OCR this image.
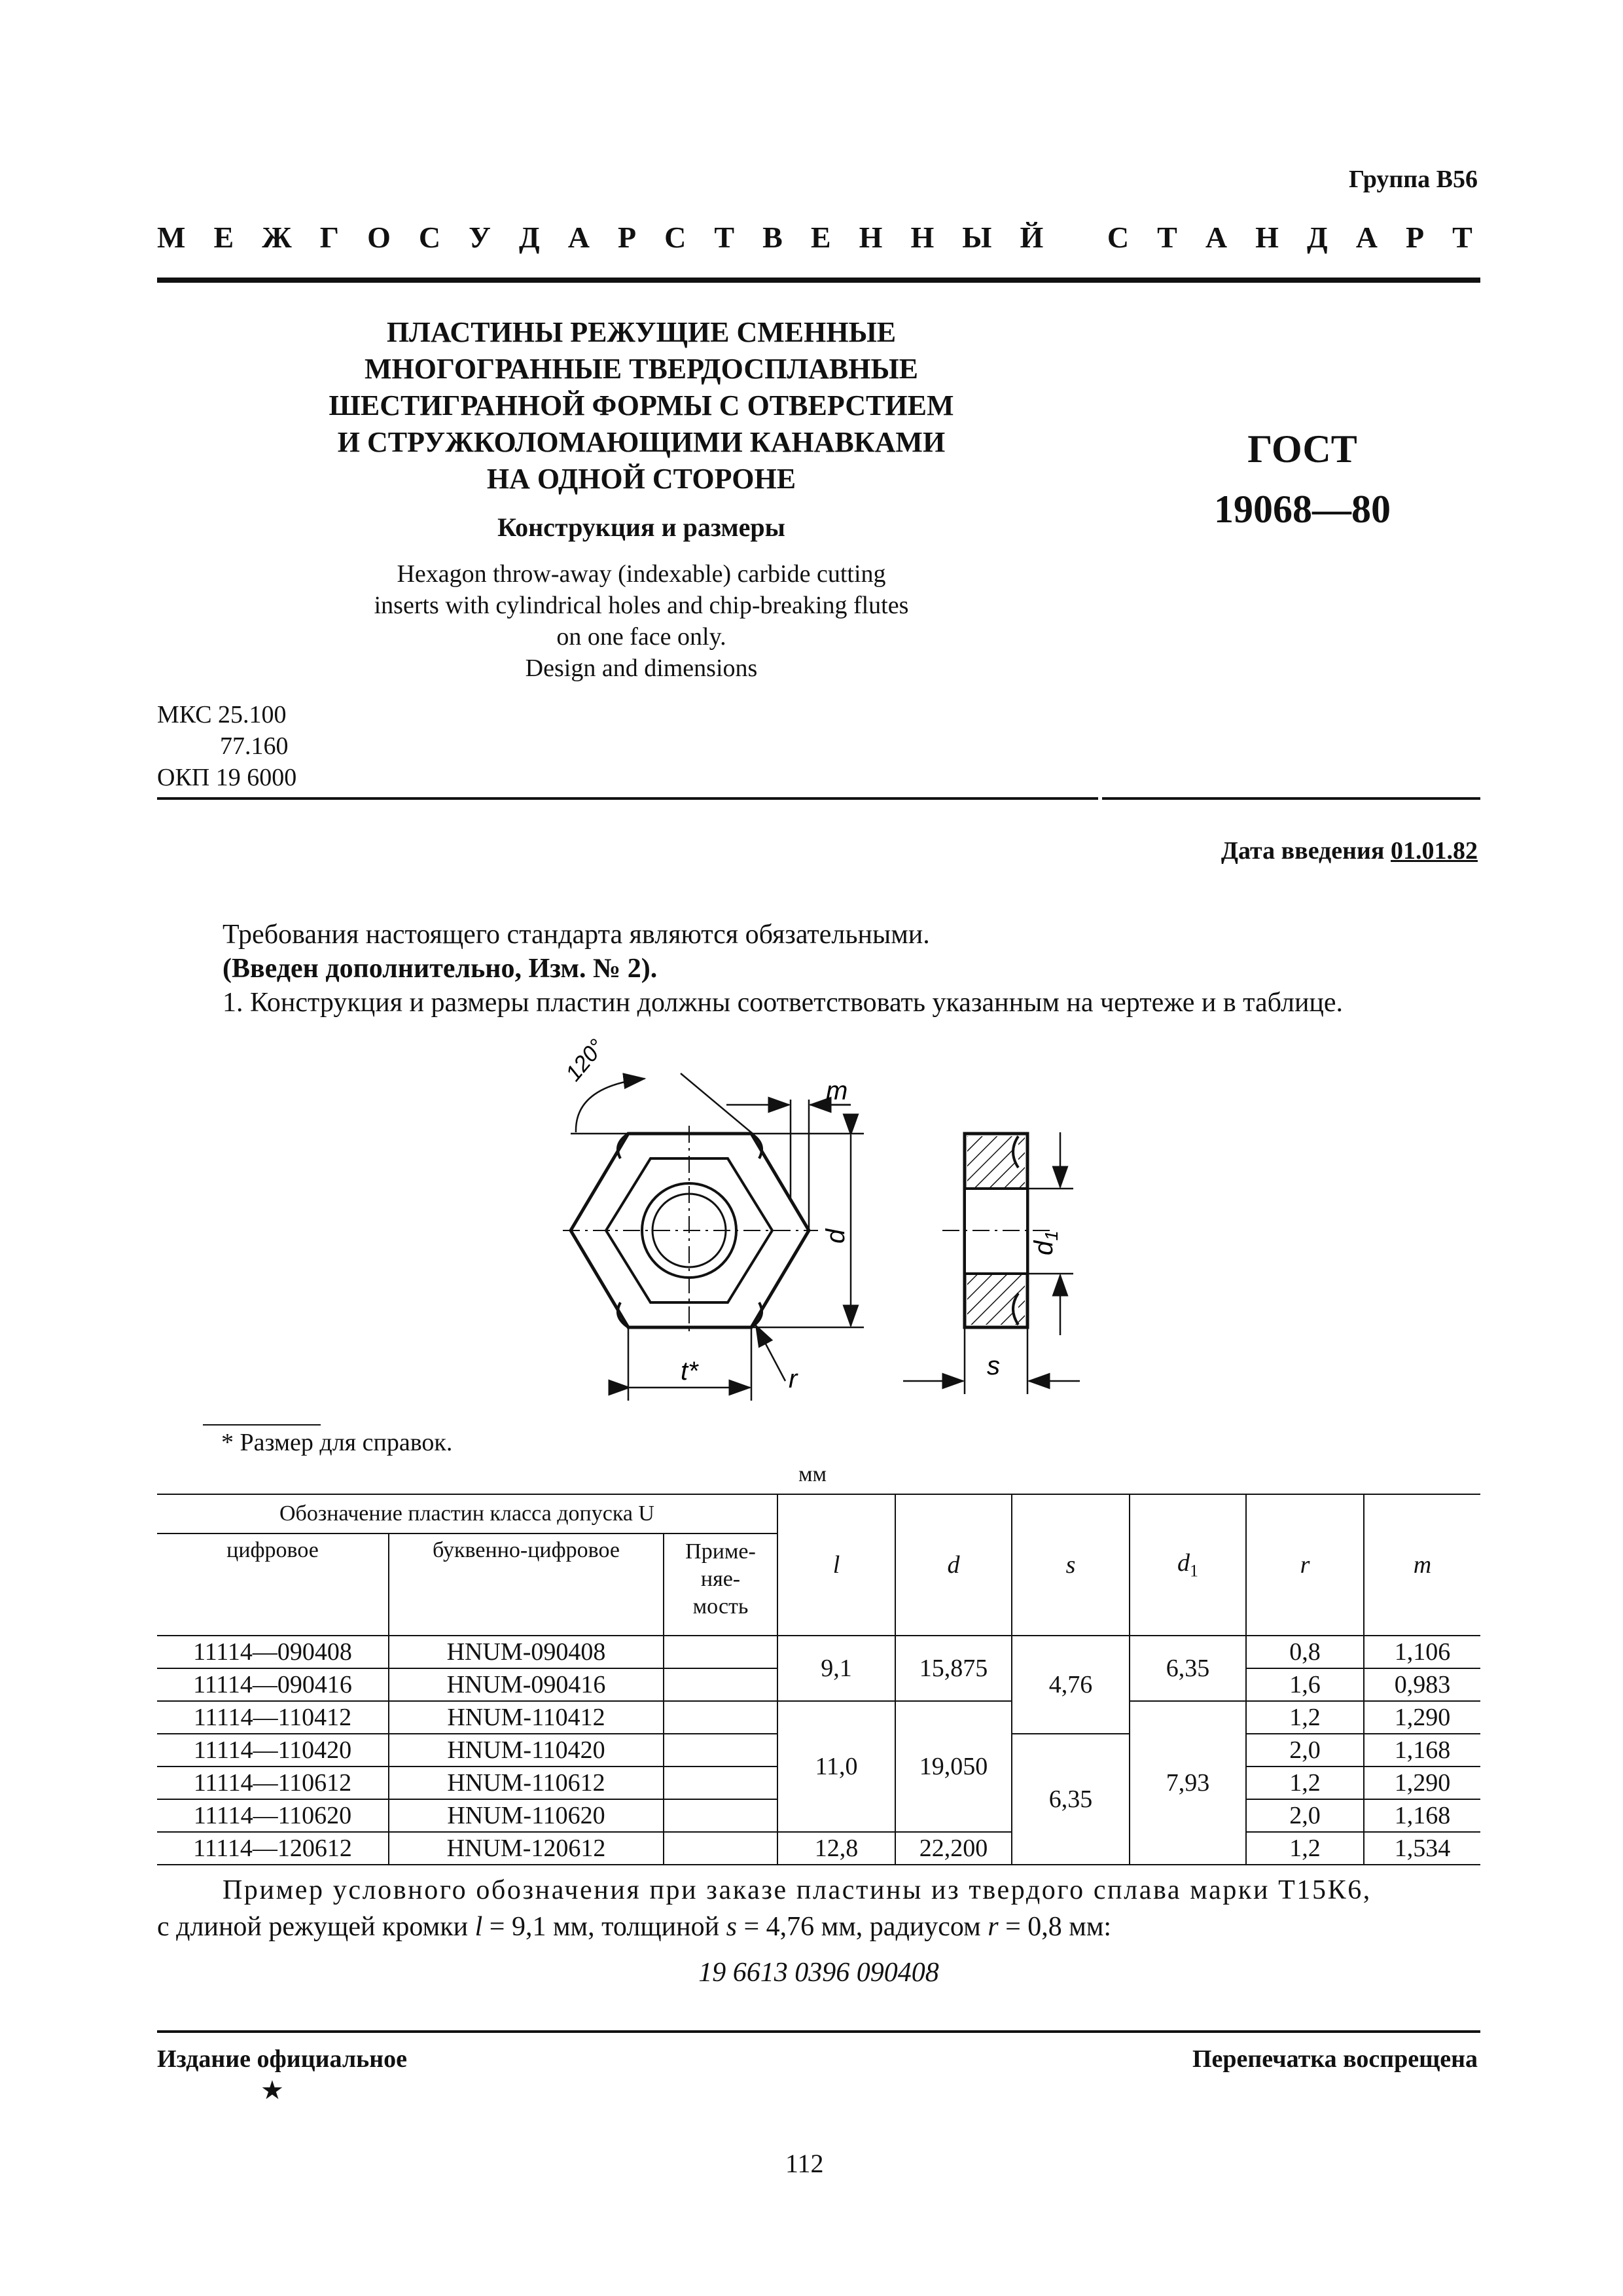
Группа В56
М Е Ж Г О С У Д А Р С Т В Е Н Н Ы Й
С Т А Н Д А Р Т
ПЛАСТИНЫ РЕЖУЩИЕ СМЕННЫЕ
МНОГОГРАННЫЕ ТВЕРДОСПЛАВНЫЕ
ШЕСТИГРАННОЙ ФОРМЫ С ОТВЕРСТИЕМ
И СТРУЖКОЛОМАЮЩИМИ КАНАВКАМИ
НА ОДНОЙ СТОРОНЕ
Конструкция и размеры
Hexagon throw-away (indexable) carbide cutting
inserts with cylindrical holes and chip-breaking flutes
on one face only.
Design and dimensions
ГОСТ
19068—80
МКС 25.100
77.160
ОКП 19 6000
Дата введения 01.01.82
Требования настоящего стандарта являются обязательными.
(Введен дополнительно, Изм. № 2).
1. Конструкция и размеры пластин должны соответствовать указанным на чертеже и в таблице.
120°
d
m
t*	r
$d_1$
s
* Размер для справок.
мм
Обозначение пластин класса допуска U			l	d	s	$d_1$	r	m
цифровое	буквенно-цифровое	Приме-
няе-
мость						

11114—090408	HNUM-090408		9,1	15,875	4,76	6,35	0,8	1,106
11114—090416	HNUM-090416						1,6	0,983
11114—110412	HNUM-110412		11,0	19,050		7,93	1,2	1,290
11114—110420	HNUM-110420				6,35		2,0	1,168
11114—110612	HNUM-110612						1,2	1,290
11114—110620	HNUM-110620						2,0	1,168
11114—120612	HNUM-120612		12,8	22,200			1,2	1,534
Пример условного обозначения при заказе пластины из твердого сплава марки Т15К6,
с длиной режущей кромки l = 9,1 мм, толщиной s = 4,76 мм, радиусом r = 0,8 мм:
19 6613 0396 090408
Издание официальное	Перепечатка воспрещена
★
112
